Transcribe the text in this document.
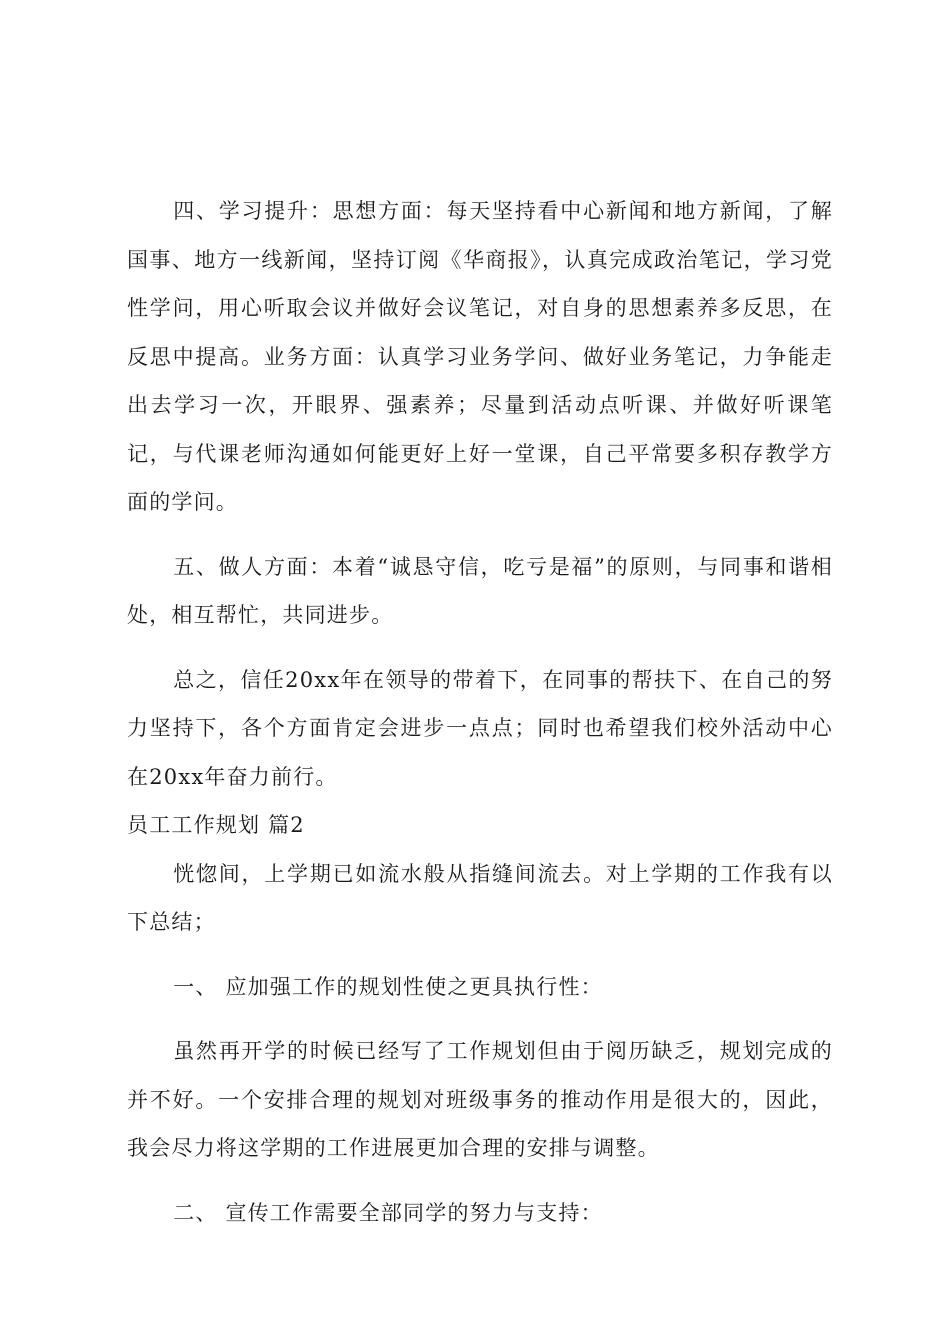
四、学习提升：思想方面：每天坚持看中心新闻和地方新闻，了解国事、地方一线新闻，坚持订阅《华商报》，认真完成政治笔记，学习党性学问，用心听取会议并做好会议笔记，对自身的思想素养多反思，在反思中提高。业务方面：认真学习业务学问、做好业务笔记，力争能走出去学习一次，开眼界、强素养；尽量到活动点听课、并做好听课笔记，与代课老师沟通如何能更好上好一堂课，自己平常要多积存教学方面的学问。

五、做人方面：本着“诚恳守信，吃亏是福”的原则，与同事和谐相处，相互帮忙，共同进步。

总之，信任20xx年在领导的带着下，在同事的帮扶下、在自己的努力坚持下，各个方面肯定会进步一点点；同时也希望我们校外活动中心在20xx年奋力前行。

员工工作规划 篇2

恍惚间，上学期已如流水般从指缝间流去。对上学期的工作我有以下总结；

一、 应加强工作的规划性使之更具执行性：

虽然再开学的时候已经写了工作规划但由于阅历缺乏，规划完成的并不好。一个安排合理的规划对班级事务的推动作用是很大的，因此，我会尽力将这学期的工作进展更加合理的安排与调整。

二、 宣传工作需要全部同学的努力与支持：
